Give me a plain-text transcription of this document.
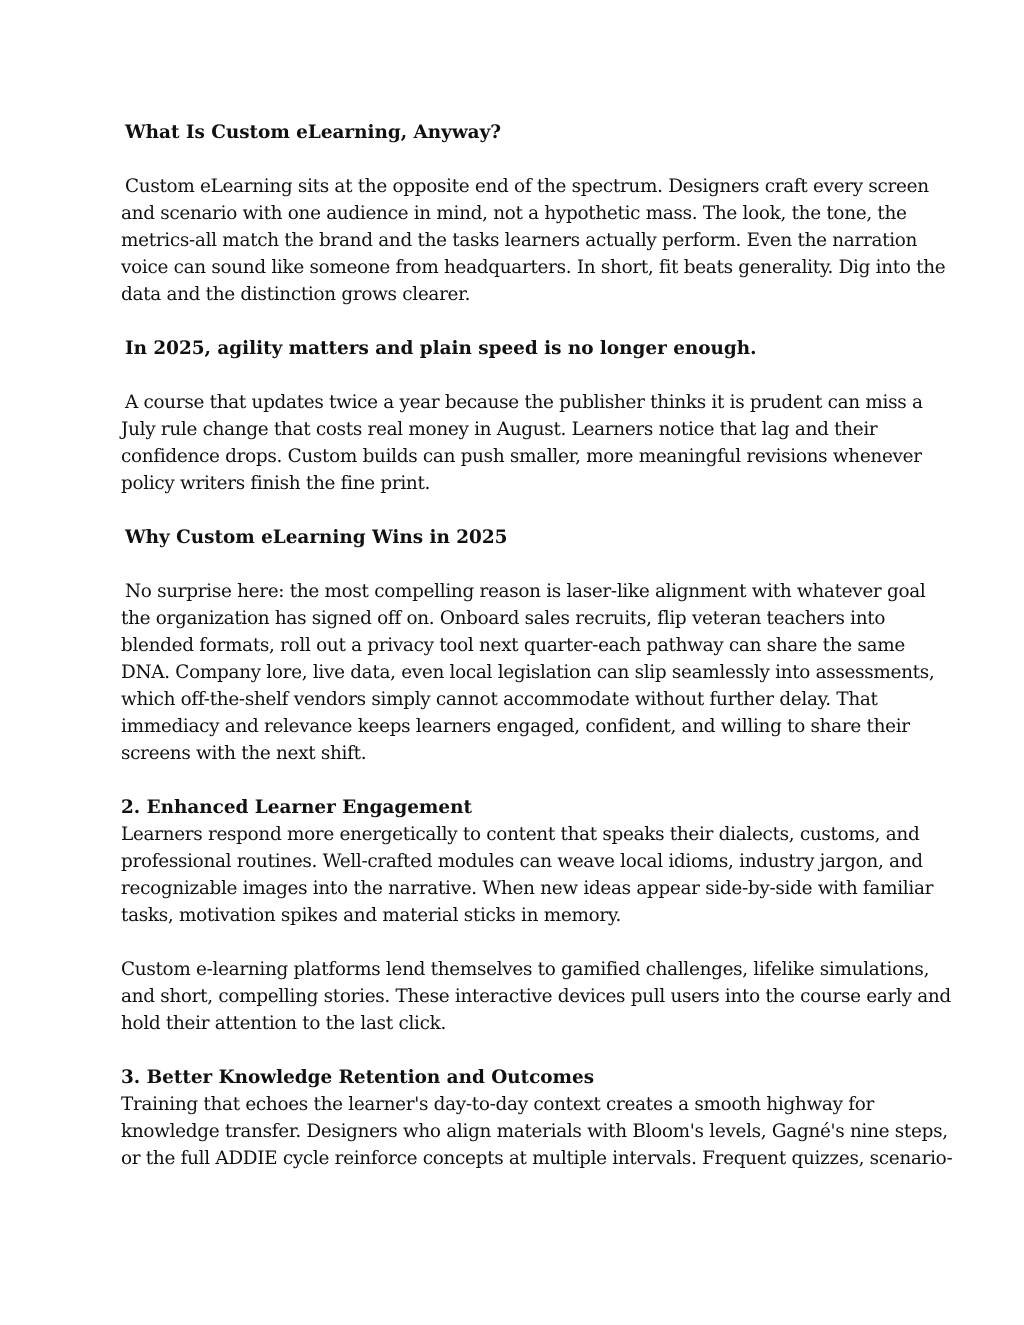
What Is Custom eLearning, Anyway?
Custom eLearning sits at the opposite end of the spectrum. Designers craft every screen
and scenario with one audience in mind, not a hypothetic mass. The look, the tone, the
metrics-all match the brand and the tasks learners actually perform. Even the narration
voice can sound like someone from headquarters. In short, fit beats generality. Dig into the
data and the distinction grows clearer.
In 2025, agility matters and plain speed is no longer enough.
A course that updates twice a year because the publisher thinks it is prudent can miss a
July rule change that costs real money in August. Learners notice that lag and their
confidence drops. Custom builds can push smaller, more meaningful revisions whenever
policy writers finish the fine print.
Why Custom eLearning Wins in 2025
No surprise here: the most compelling reason is laser-like alignment with whatever goal
the organization has signed off on. Onboard sales recruits, flip veteran teachers into
blended formats, roll out a privacy tool next quarter-each pathway can share the same
DNA. Company lore, live data, even local legislation can slip seamlessly into assessments,
which off-the-shelf vendors simply cannot accommodate without further delay. That
immediacy and relevance keeps learners engaged, confident, and willing to share their
screens with the next shift.
2. Enhanced Learner Engagement
Learners respond more energetically to content that speaks their dialects, customs, and
professional routines. Well-crafted modules can weave local idioms, industry jargon, and
recognizable images into the narrative. When new ideas appear side-by-side with familiar
tasks, motivation spikes and material sticks in memory.
Custom e-learning platforms lend themselves to gamified challenges, lifelike simulations,
and short, compelling stories. These interactive devices pull users into the course early and
hold their attention to the last click.
3. Better Knowledge Retention and Outcomes
Training that echoes the learner's day-to-day context creates a smooth highway for
knowledge transfer. Designers who align materials with Bloom's levels, Gagné's nine steps,
or the full ADDIE cycle reinforce concepts at multiple intervals. Frequent quizzes, scenario-
